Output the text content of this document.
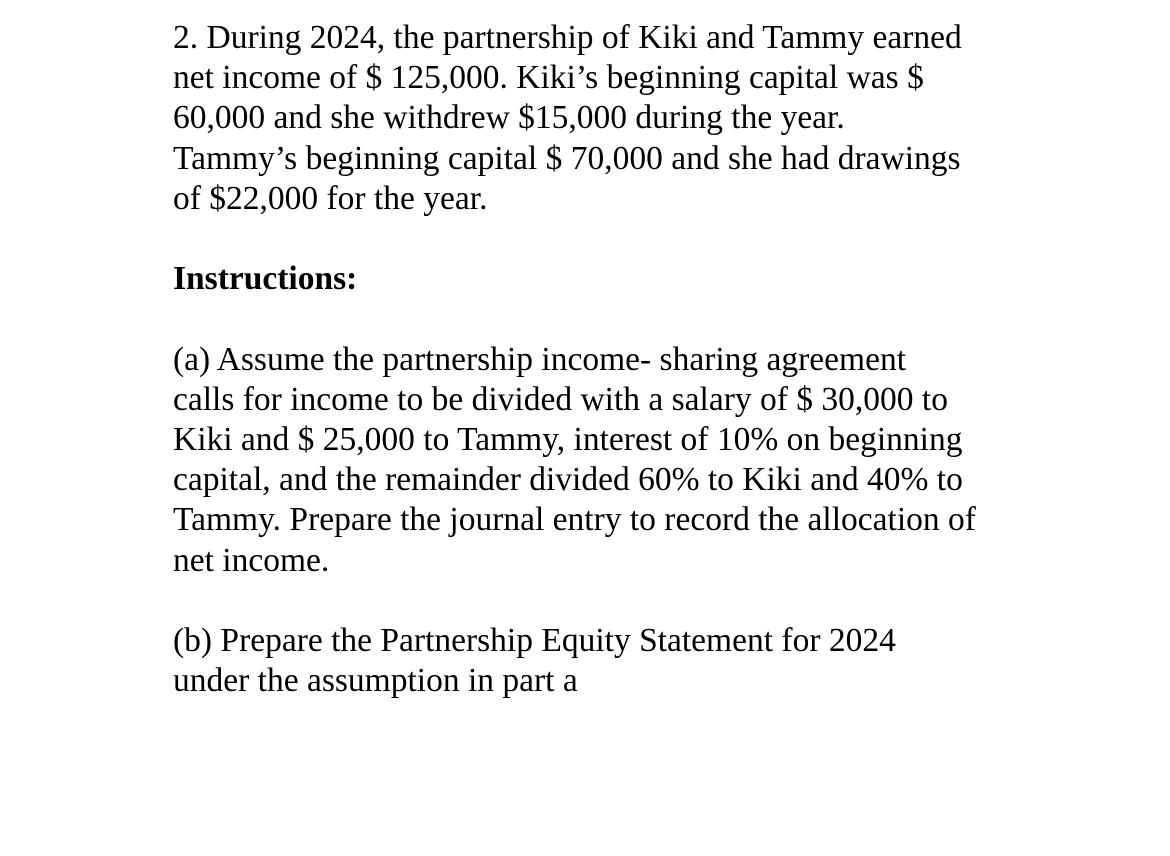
2. During 2024, the partnership of Kiki and Tammy earned
net income of $ 125,000. Kiki’s beginning capital was $
60,000 and she withdrew $15,000 during the year.
Tammy’s beginning capital $ 70,000 and she had drawings
of $22,000 for the year.
Instructions:
(a) Assume the partnership income- sharing agreement
calls for income to be divided with a salary of $ 30,000 to
Kiki and $ 25,000 to Tammy, interest of 10% on beginning
capital, and the remainder divided 60% to Kiki and 40% to
Tammy. Prepare the journal entry to record the allocation of
net income.
(b) Prepare the Partnership Equity Statement for 2024
under the assumption in part a
